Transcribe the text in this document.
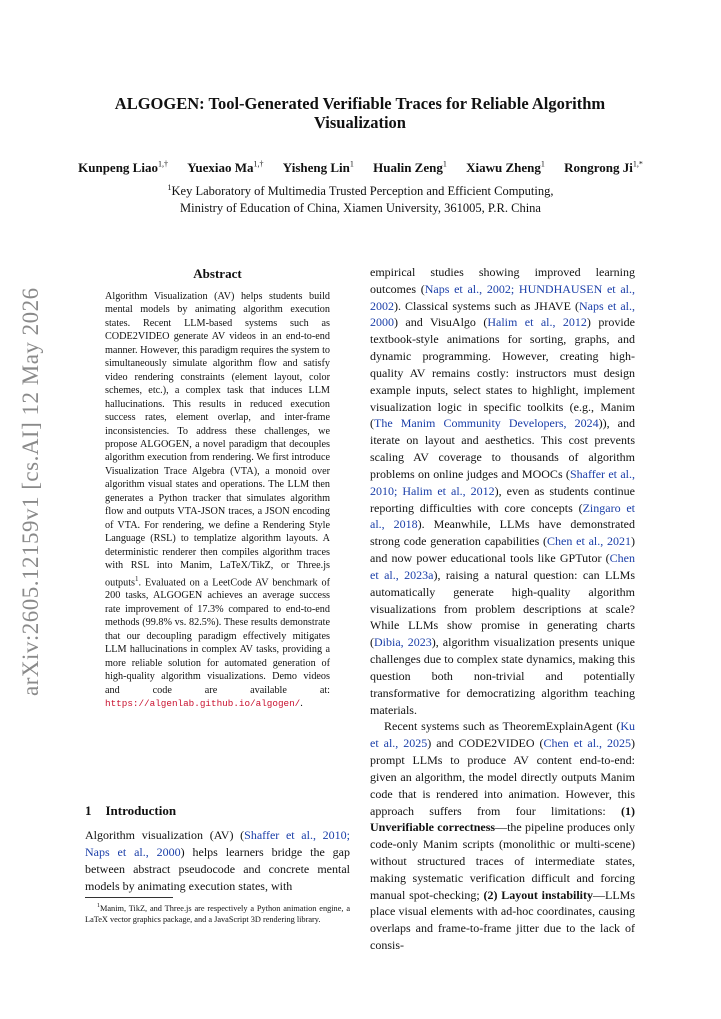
arXiv:2605.12159v1 [cs.AI] 12 May 2026
ALGOGEN: Tool-Generated Verifiable Traces for Reliable Algorithm Visualization
Kunpeng Liao$^{1,\dagger}$ Yuexiao $Ma^{1,\dagger}$ Yisheng Lin$^1$ Hualin Zeng$^1$ Xiawu Zheng$^1$ Rongrong $Ji^{1,*}$
$^1$Key Laboratory of Multimedia Trusted Perception and Efficient Computing,
Ministry of Education of China, Xiamen University, 361005, P.R. China
Abstract
Algorithm Visualization (AV) helps students build mental models by animating algorithm execution states. Recent LLM-based systems such as CODE2VIDEO generate AV videos in an end-to-end manner. However, this paradigm requires the system to simultaneously simulate algorithm flow and satisfy video rendering constraints (element layout, color schemes, etc.), a complex task that induces LLM hallucinations. This results in reduced execution success rates, element overlap, and inter-frame inconsistencies. To address these challenges, we propose ALGOGEN, a novel paradigm that decouples algorithm execution from rendering. We first introduce Visualization Trace Algebra (VTA), a monoid over algorithm visual states and operations. The LLM then generates a Python tracker that simulates algorithm flow and outputs VTA-JSON traces, a JSON encoding of VTA. For rendering, we define a Rendering Style Language (RSL) to templatize algorithm layouts. A deterministic renderer then compiles algorithm traces with RSL into Manim, LaTeX/TikZ, or Three.js outputs$^1$. Evaluated on a LeetCode AV benchmark of 200 tasks, ALGOGEN achieves an average success rate improvement of 17.3% compared to end-to-end methods (99.8% vs. 82.5%). These results demonstrate that our decoupling paradigm effectively mitigates LLM hallucinations in complex AV tasks, providing a more reliable solution for automated generation of high-quality algorithm visualizations. Demo videos and code are available at: https://algenlab.github.io/algogen/.
1 Introduction
Algorithm visualization (AV) (Shaffer et al., 2010; Naps et al., 2000) helps learners bridge the gap between abstract pseudocode and concrete mental models by animating execution states, with
$^1$Manim, TikZ, and Three.js are respectively a Python animation engine, a LaTeX vector graphics package, and a JavaScript 3D rendering library.

empirical studies showing improved learning outcomes (Naps et al., 2002; HUNDHAUSEN et al., 2002). Classical systems such as JHAVE (Naps et al., 2000) and VisuAlgo (Halim et al., 2012) provide textbook-style animations for sorting, graphs, and dynamic programming. However, creating high-quality AV remains costly: instructors must design example inputs, select states to highlight, implement visualization logic in specific toolkits (e.g., Manim (The Manim Community Developers, 2024)), and iterate on layout and aesthetics. This cost prevents scaling AV coverage to thousands of algorithm problems on online judges and MOOCs (Shaffer et al., 2010; Halim et al., 2012), even as students continue reporting difficulties with core concepts (Zingaro et al., 2018). Meanwhile, LLMs have demonstrated strong code generation capabilities (Chen et al., 2021) and now power educational tools like GPTutor (Chen et al., 2023a), raising a natural question: can LLMs automatically generate high-quality algorithm visualizations from problem descriptions at scale? While LLMs show promise in generating charts (Dibia, 2023), algorithm visualization presents unique challenges due to complex state dynamics, making this question both non-trivial and potentially transformative for democratizing algorithm teaching materials.

Recent systems such as TheoremExplainAgent (Ku et al., 2025) and CODE2VIDEO (Chen et al., 2025) prompt LLMs to produce AV content end-to-end: given an algorithm, the model directly outputs Manim code that is rendered into animation. However, this approach suffers from four limitations: (1) Unverifiable correctness—the pipeline produces only code-only Manim scripts (monolithic or multi-scene) without structured traces of intermediate states, making systematic verification difficult and forcing manual spot-checking; (2) Layout instability—LLMs place visual elements with ad-hoc coordinates, causing overlaps and frame-to-frame jitter due to the lack of consis-
